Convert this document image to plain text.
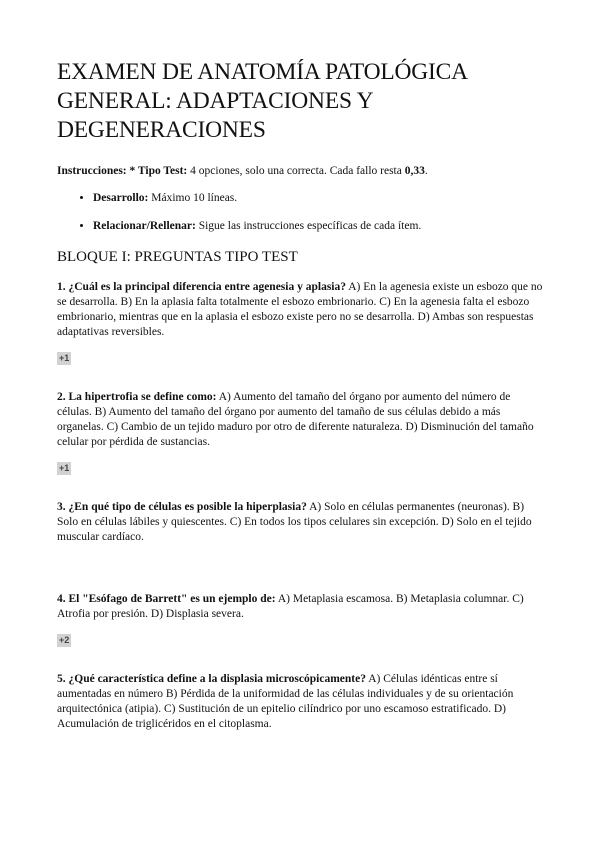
EXAMEN DE ANATOMÍA PATOLÓGICA GENERAL: ADAPTACIONES Y DEGENERACIONES
Instrucciones: * Tipo Test: 4 opciones, solo una correcta. Cada fallo resta 0,33.
• Desarrollo: Máximo 10 líneas.
• Relacionar/Rellenar: Sigue las instrucciones específicas de cada ítem.
BLOQUE I: PREGUNTAS TIPO TEST
1. ¿Cuál es la principal diferencia entre agenesia y aplasia? A) En la agenesia existe un esbozo que no se desarrolla. B) En la aplasia falta totalmente el esbozo embrionario. C) En la agenesia falta el esbozo embrionario, mientras que en la aplasia el esbozo existe pero no se desarrolla. D) Ambas son respuestas adaptativas reversibles.
+1
2. La hipertrofia se define como: A) Aumento del tamaño del órgano por aumento del número de células. B) Aumento del tamaño del órgano por aumento del tamaño de sus células debido a más organelas. C) Cambio de un tejido maduro por otro de diferente naturaleza. D) Disminución del tamaño celular por pérdida de sustancias.
+1
3. ¿En qué tipo de células es posible la hiperplasia? A) Solo en células permanentes (neuronas). B) Solo en células lábiles y quiescentes. C) En todos los tipos celulares sin excepción. D) Solo en el tejido muscular cardíaco.
4. El "Esófago de Barrett" es un ejemplo de: A) Metaplasia escamosa. B) Metaplasia columnar. C) Atrofia por presión. D) Displasia severa.
+2
5. ¿Qué característica define a la displasia microscópicamente? A) Células idénticas entre sí aumentadas en número B) Pérdida de la uniformidad de las células individuales y de su orientación arquitectónica (atipia). C) Sustitución de un epitelio cilíndrico por uno escamoso estratificado. D) Acumulación de triglicéridos en el citoplasma.
